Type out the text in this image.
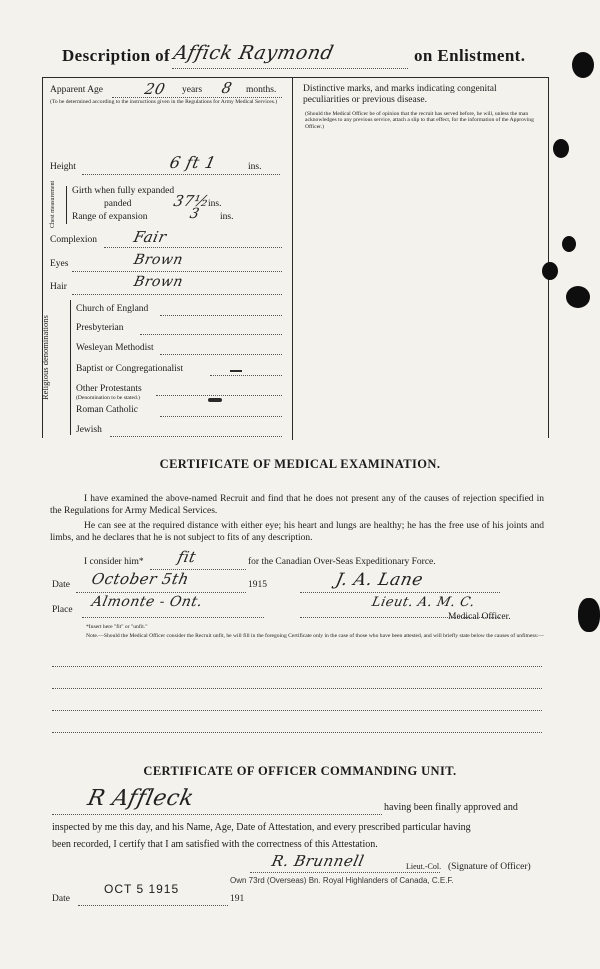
Description of Affick Raymond	on Enlistment.
Apparent Age	20 years 8 months.
(To be determined according to the instructions given in the Regulations for Army Medical Services.)
Distinctive marks, and marks indicating congenital peculiarities or previous disease.
(Should the Medical Officer be of opinion that the recruit has served before, he will, unless the man acknowledges to any previous service, attach a slip to that effect, for the information of the Approving Officer.)
Height	6 ft 1	ins.
Chest measurement Girth when fully expanded
panded	37½
ins.
Range of expansion	3 ins.
Complexion Fair
Eyes	Brown
Hair	Brown
Religious denominations
Church of England
Presbyterian
Wesleyan Methodist
Baptist or Congregationalist
Other Protestants
(Denomination to be stated.)
Roman Catholic
Jewish
CERTIFICATE OF MEDICAL EXAMINATION.
I have examined the above-named Recruit and find that he does not present any of the causes of rejection specified in the Regulations for Army Medical Services.
He can see at the required distance with either eye; his heart and lungs are healthy; he has the free use of his joints and limbs, and he declares that he is not subject to fits of any description.
I consider him* fit	for the Canadian Over-Seas Expeditionary Force.
Date October 5th	1915	J. A. Lane
Place Almonte - Ont.	Lieut. A. M. C.
Medical Officer.
*Insert here "fit" or "unfit."
Note.—Should the Medical Officer consider the Recruit unfit, he will fill in the foregoing Certificate only in the case of those who have been attested, and will briefly state below the causes of unfitness:—
CERTIFICATE OF OFFICER COMMANDING UNIT.
R Affleck	having been finally approved and
inspected by me this day, and his Name, Age, Date of Attestation, and every prescribed particular having
been recorded, I certify that I am satisfied with the correctness of this Attestation.
R. Brunnell	Lieut.-Col. (Signature of Officer)
Own 73rd (Overseas) Bn. Royal Highlanders of Canada, C.E.F.
Date
OCT 5 1915
191
